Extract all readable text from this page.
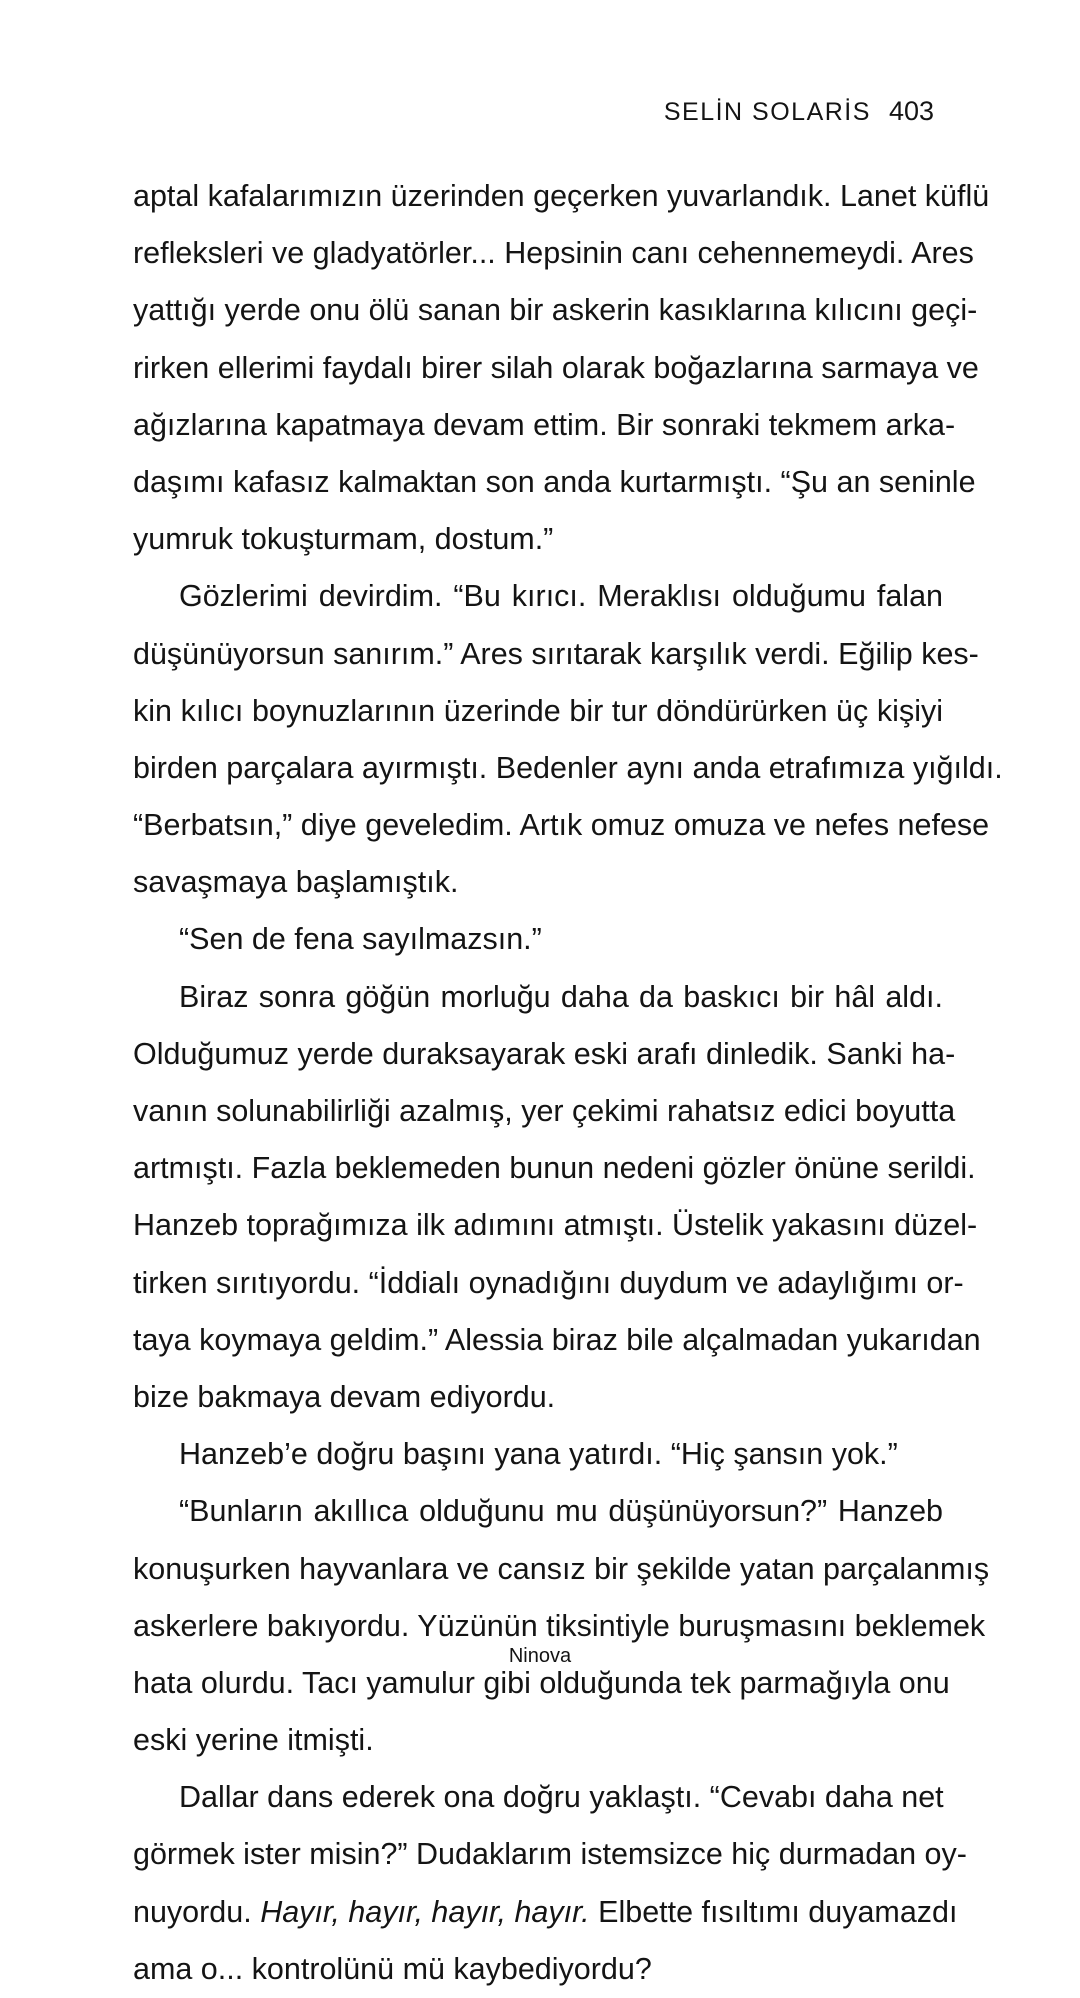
SELİN SOLARİS 403
aptal kafalarımızın üzerinden geçerken yuvarlandık. Lanet küflü
refleksleri ve gladyatörler... Hepsinin canı cehennemeydi. Ares
yattığı yerde onu ölü sanan bir askerin kasıklarına kılıcını geçi-
rirken ellerimi faydalı birer silah olarak boğazlarına sarmaya ve
ağızlarına kapatmaya devam ettim. Bir sonraki tekmem arka-
daşımı kafasız kalmaktan son anda kurtarmıştı. “Şu an seninle
yumruk tokuşturmam, dostum.”
Gözlerimi devirdim. “Bu kırıcı. Meraklısı olduğumu falan
düşünüyorsun sanırım.” Ares sırıtarak karşılık verdi. Eğilip kes-
kin kılıcı boynuzlarının üzerinde bir tur döndürürken üç kişiyi
birden parçalara ayırmıştı. Bedenler aynı anda etrafımıza yığıldı.
“Berbatsın,” diye geveledim. Artık omuz omuza ve nefes nefese
savaşmaya başlamıştık.
“Sen de fena sayılmazsın.”
Biraz sonra göğün morluğu daha da baskıcı bir hâl aldı.
Olduğumuz yerde duraksayarak eski arafı dinledik. Sanki ha-
vanın solunabilirliği azalmış, yer çekimi rahatsız edici boyutta
artmıştı. Fazla beklemeden bunun nedeni gözler önüne serildi.
Hanzeb toprağımıza ilk adımını atmıştı. Üstelik yakasını düzel-
tirken sırıtıyordu. “İddialı oynadığını duydum ve adaylığımı or-
taya koymaya geldim.” Alessia biraz bile alçalmadan yukarıdan
bize bakmaya devam ediyordu.
Hanzeb’e doğru başını yana yatırdı. “Hiç şansın yok.”
“Bunların akıllıca olduğunu mu düşünüyorsun?” Hanzeb
konuşurken hayvanlara ve cansız bir şekilde yatan parçalanmış
askerlere bakıyordu. Yüzünün tiksintiyle buruşmasını beklemek
hata olurdu. Tacı yamulur gibi olduğunda tek parmağıyla onu
eski yerine itmişti.
Dallar dans ederek ona doğru yaklaştı. “Cevabı daha net
görmek ister misin?” Dudaklarım istemsizce hiç durmadan oy-
nuyordu. Hayır, hayır, hayır, hayır. Elbette fısıltımı duyamazdı
ama o... kontrolünü mü kaybediyordu?

Ninova
